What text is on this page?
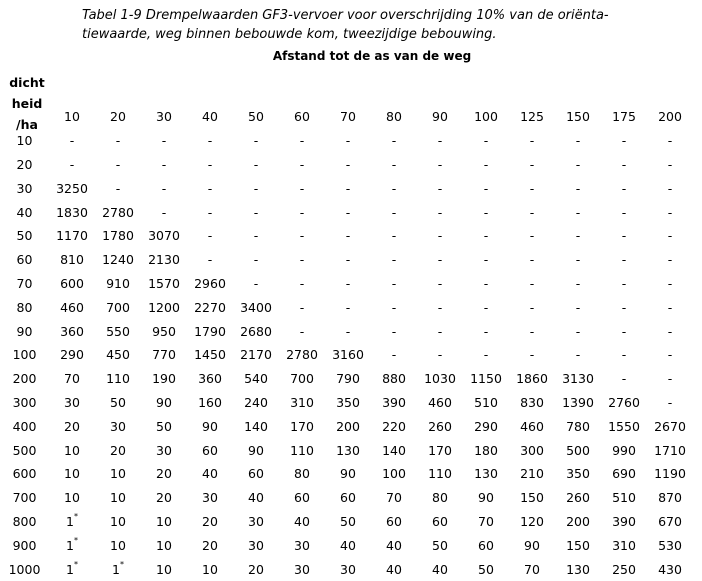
Tabel 1-9 Drempelwaarden GF3-vervoer voor overschrijding 10% van de oriënta-
tiewaarde, weg binnen bebouwde kom, tweezijdige bebouwing.
Afstand tot de as van de weg
dicht
heid
/ha
	10	20	30	40	50	60	70	80	90	100	125	150	175	200
10	-	-	-	-	-	-	-	-	-	-	-	-	-	-
20	-	-	-	-	-	-	-	-	-	-	-	-	-	-
30	3250	-	-	-	-	-	-	-	-	-	-	-	-	-
40	1830	2780	-	-	-	-	-	-	-	-	-	-	-	-
50	1170	1780	3070	-	-	-	-	-	-	-	-	-	-	-
60	810	1240	2130	-	-	-	-	-	-	-	-	-	-	-
70	600	910	1570	2960	-	-	-	-	-	-	-	-	-	-
80	460	700	1200	2270	3400	-	-	-	-	-	-	-	-	-
90	360	550	950	1790	2680	-	-	-	-	-	-	-	-	-
100	290	450	770	1450	2170	2780	3160	-	-	-	-	-	-	-
200	70	110	190	360	540	700	790	880	1030	1150	1860	3130	-	-
300	30	50	90	160	240	310	350	390	460	510	830	1390	2760	-
400	20	30	50	90	140	170	200	220	260	290	460	780	1550	2670
500	10	20	30	60	90	110	130	140	170	180	300	500	990	1710
600	10	10	20	40	60	80	90	100	110	130	210	350	690	1190
700	10	10	20	30	40	60	60	70	80	90	150	260	510	870
800	1*	10	10	20	30	40	50	60	60	70	120	200	390	670
900	1*	10	10	20	30	30	40	40	50	60	90	150	310	530
1000	1*	1*	10	10	20	30	30	40	40	50	70	130	250	430
